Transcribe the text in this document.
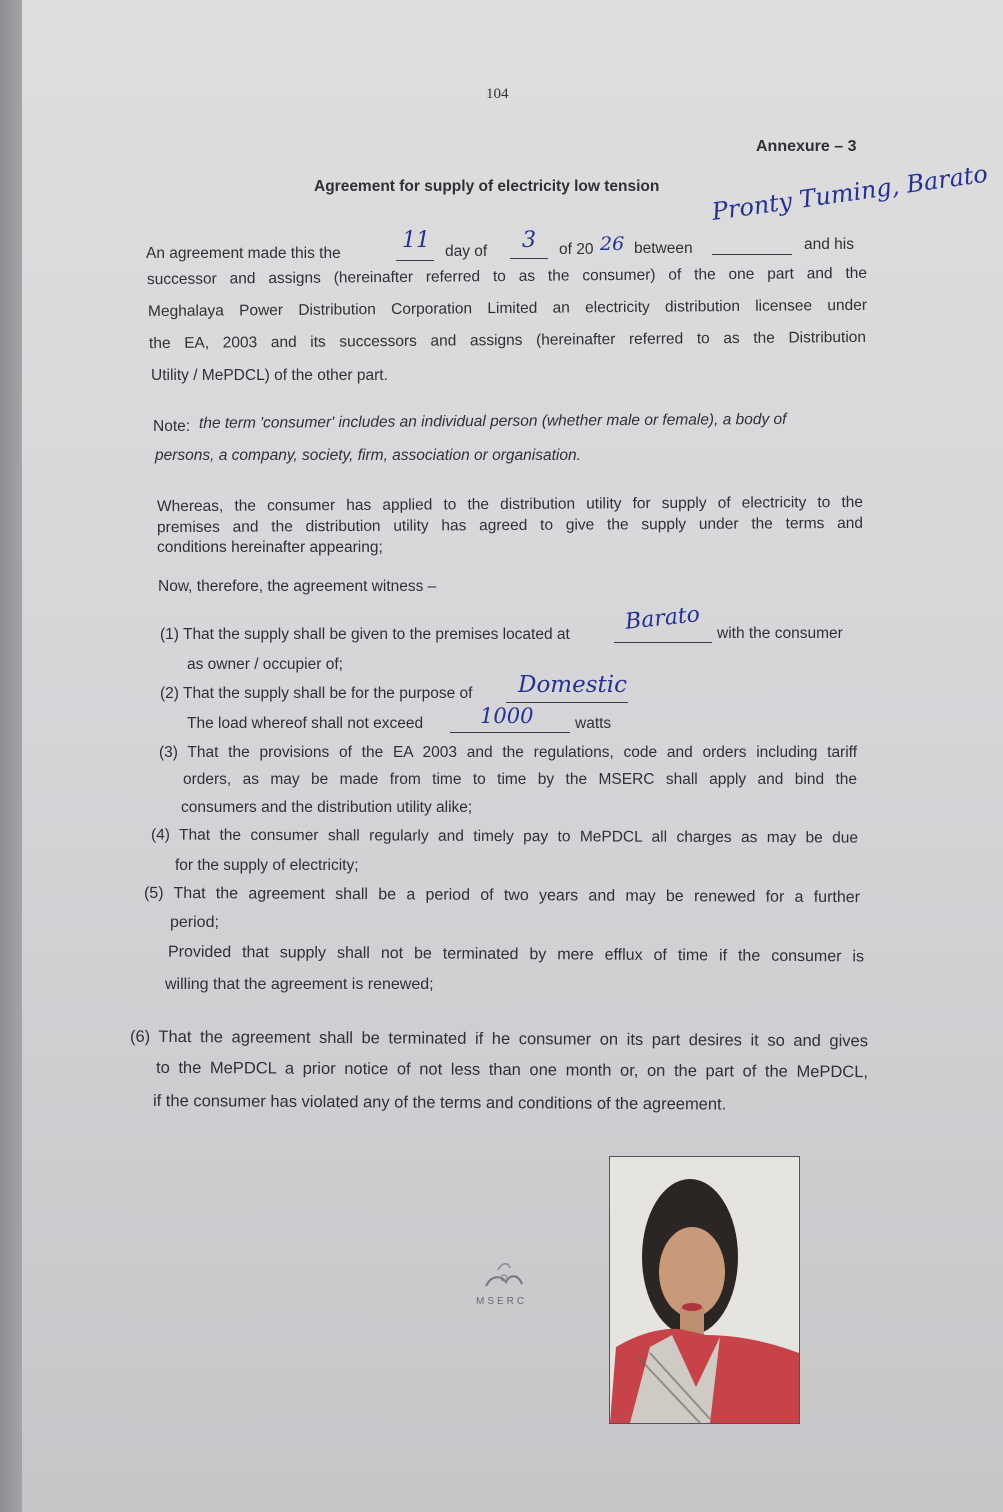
104
Annexure – 3
Agreement for supply of electricity low tension
An agreement made this the
11 day of 3 of 20 26 between
Pronty Tuming, Barato
and his
successor and assigns (hereinafter referred to as the consumer) of the one part and the
Meghalaya Power Distribution Corporation Limited an electricity distribution licensee under
the EA, 2003 and its successors and assigns (hereinafter referred to as the Distribution
Utility / MePDCL) of the other part.
Note: the term 'consumer' includes an individual person (whether male or female), a body of
persons, a company, society, firm, association or organisation.
Whereas, the consumer has applied to the distribution utility for supply of electricity to the
premises and the distribution utility has agreed to give the supply under the terms and
conditions hereinafter appearing;
Now, therefore, the agreement witness –
(1) That the supply shall be given to the premises located at Barato with the consumer
as owner / occupier of;
(2) That the supply shall be for the purpose of Domestic
The load whereof shall not exceed	1000	watts
(3) That the provisions of the EA 2003 and the regulations, code and orders including tariff
orders, as may be made from time to time by the MSERC shall apply and bind the
consumers and the distribution utility alike;
(4) That the consumer shall regularly and timely pay to MePDCL all charges as may be due
for the supply of electricity;
(5) That the agreement shall be a period of two years and may be renewed for a further
period;
Provided that supply shall not be terminated by mere efflux of time if the consumer is
willing that the agreement is renewed;
(6) That the agreement shall be terminated if he consumer on its part desires it so and gives
to the MePDCL a prior notice of not less than one month or, on the part of the MePDCL,
if the consumer has violated any of the terms and conditions of the agreement.
MSERC
